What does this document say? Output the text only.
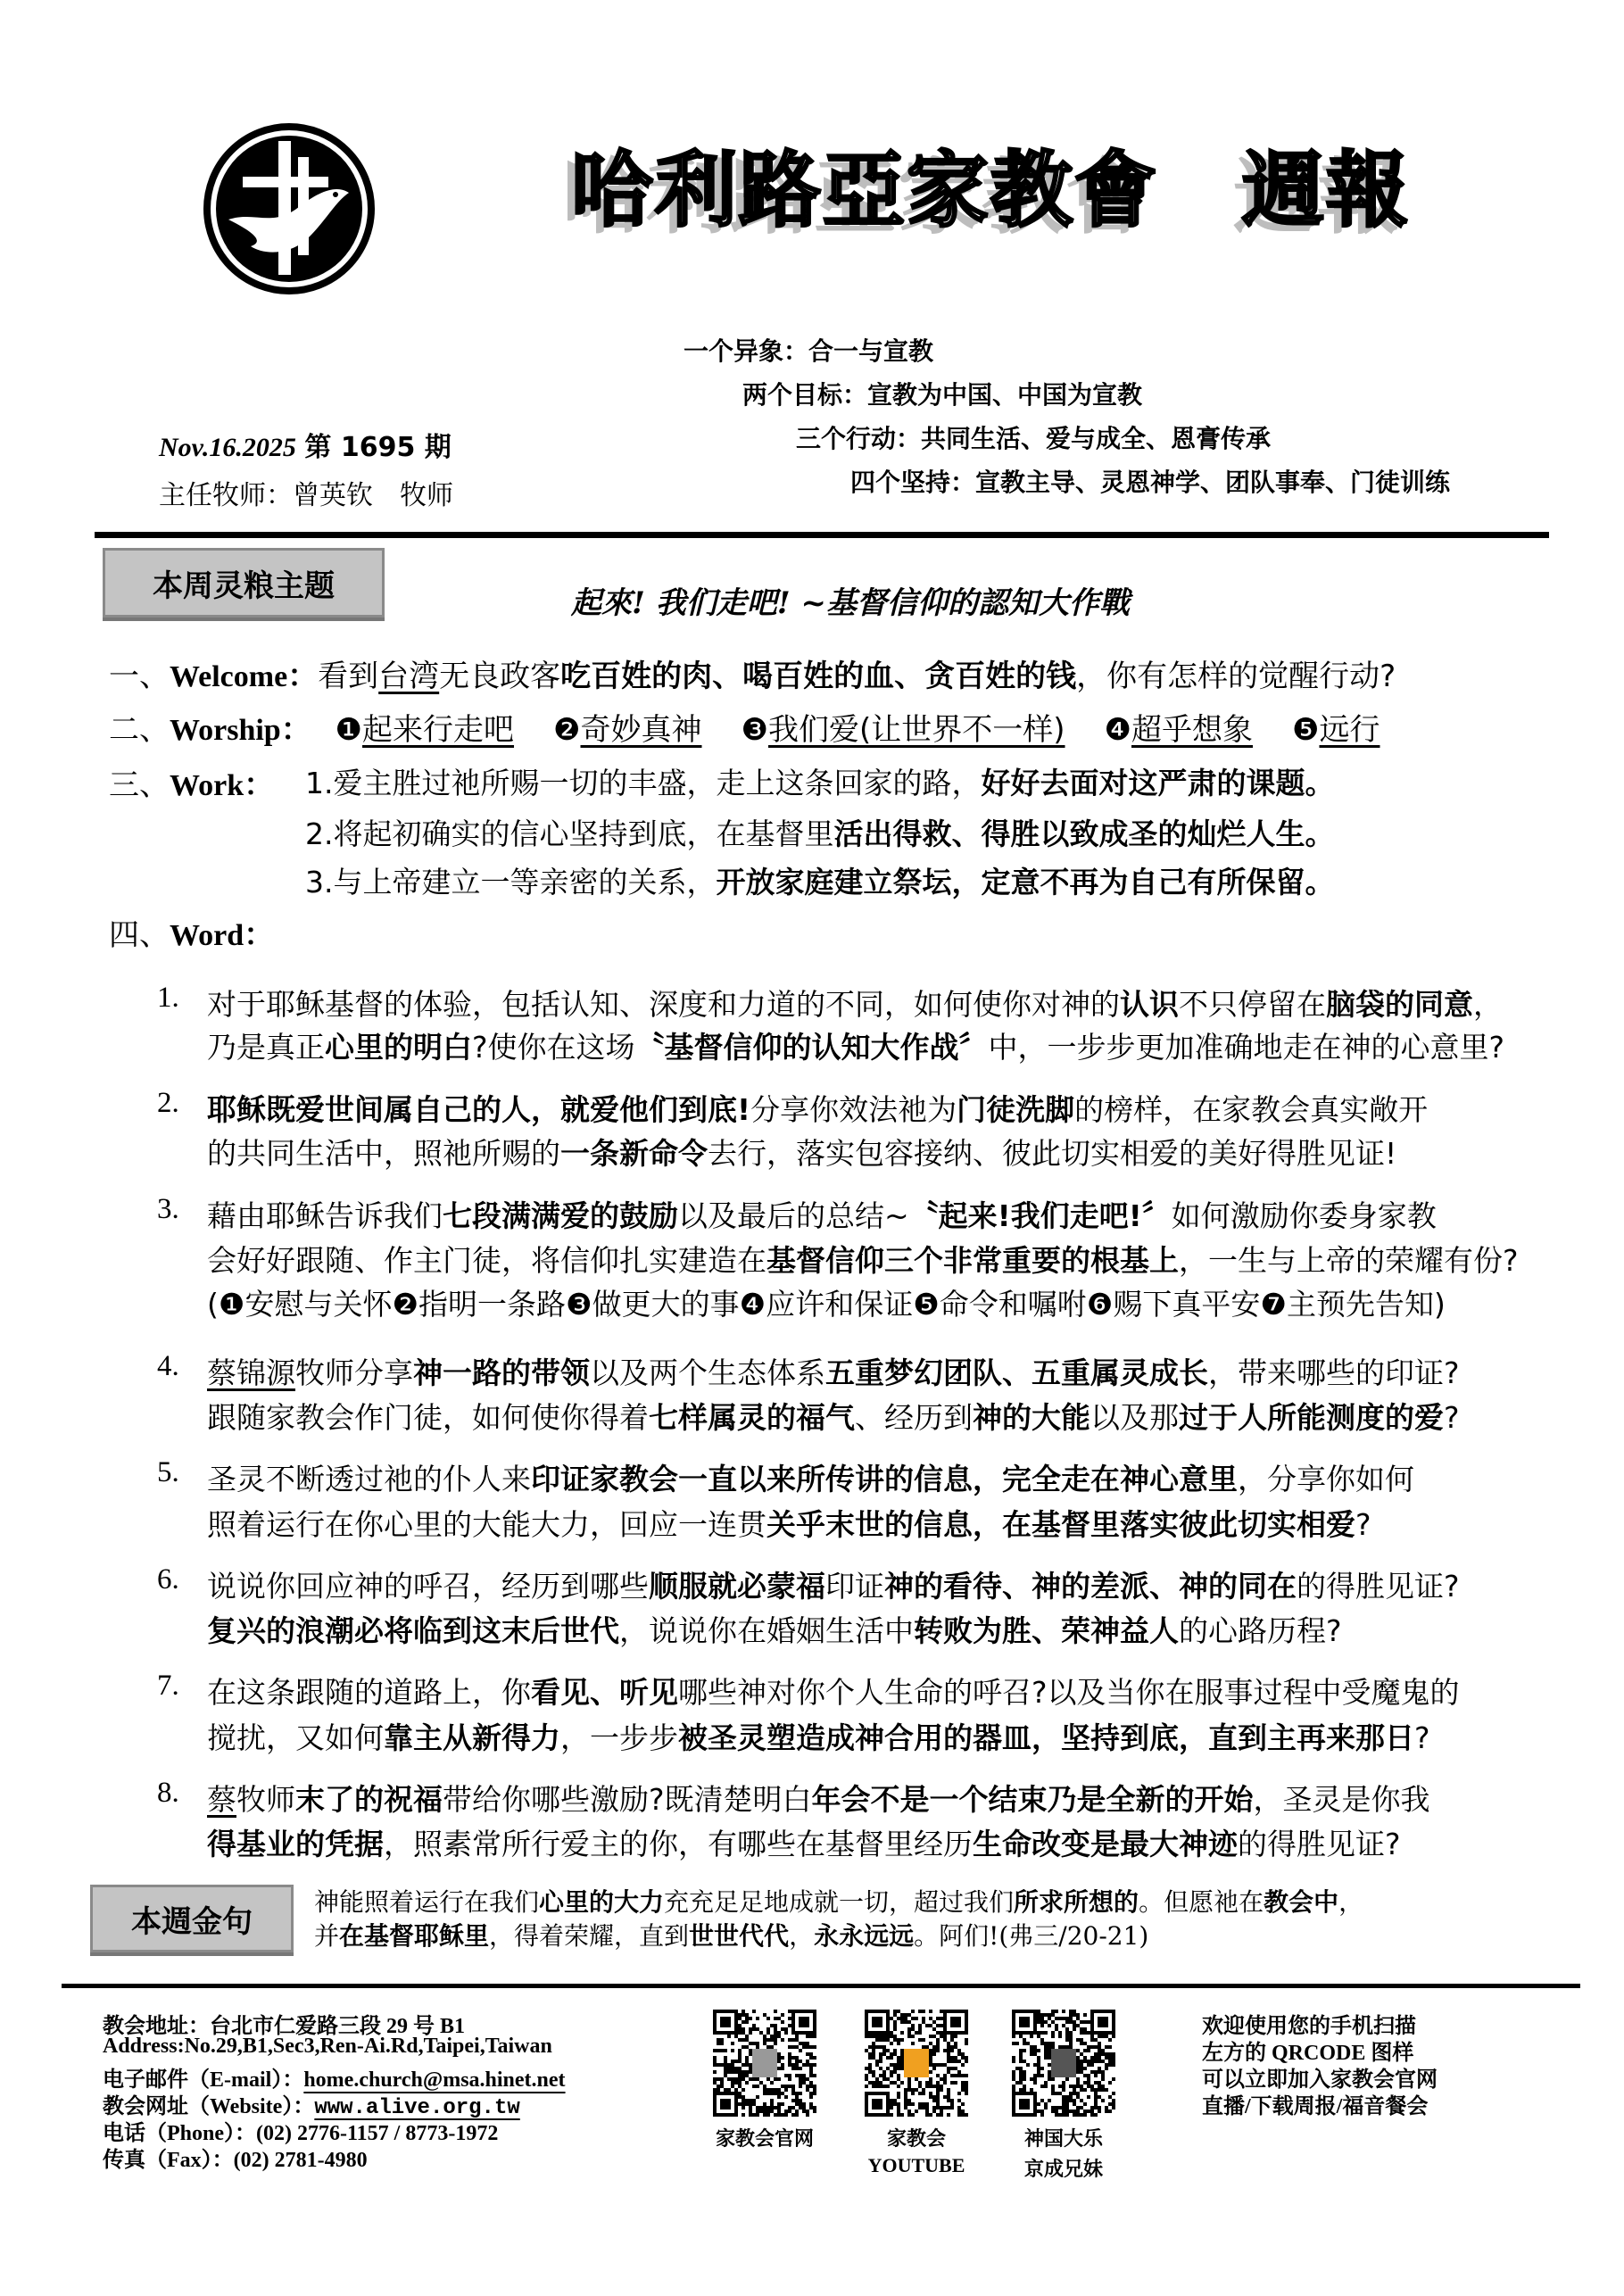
哈利路亞家教會　週報
一个异象：合一与宣教
两个目标：宣教为中国、中国为宣教
三个行动：共同生活、爱与成全、恩膏传承
四个坚持：宣教主导、灵恩神学、团队事奉、门徒训练
Nov.16.2025 第 1695 期
主任牧师：曾英钦　牧师
本周灵粮主题	起來! 我们走吧! ~基督信仰的認知大作戰
一、Welcome：看到台湾无良政客吃百姓的肉、喝百姓的血、贪百姓的钱，你有怎样的觉醒行动?
二、Worship： ❶起来行走吧 ❷奇妙真神 ❸我们爱(让世界不一样) ❹超乎想象 ❺远行
三、Work： 1.爱主胜过祂所赐一切的丰盛，走上这条回家的路，好好去面对这严肃的课题。
2.将起初确实的信心坚持到底，在基督里活出得救、得胜以致成圣的灿烂人生。
3.与上帝建立一等亲密的关系，开放家庭建立祭坛，定意不再为自己有所保留。
四、Word：
1. 对于耶稣基督的体验，包括认知、深度和力道的不同，如何使你对神的认识不只停留在脑袋的同意，
乃是真正心里的明白?使你在这场〝基督信仰的认知大作战〞中，一步步更加准确地走在神的心意里?
2. 耶稣既爱世间属自己的人，就爱他们到底!分享你效法祂为门徒洗脚的榜样，在家教会真实敞开
的共同生活中，照祂所赐的一条新命令去行，落实包容接纳、彼此切实相爱的美好得胜见证!
3. 藉由耶稣告诉我们七段满满爱的鼓励以及最后的总结~〝起来!我们走吧!〞如何激励你委身家教
会好好跟随、作主门徒，将信仰扎实建造在基督信仰三个非常重要的根基上，一生与上帝的荣耀有份?
(❶安慰与关怀❷指明一条路❸做更大的事❹应许和保证❺命令和嘱咐❻赐下真平安❼主预先告知)
4. 蔡锦源牧师分享神一路的带领以及两个生态体系五重梦幻团队、五重属灵成长，带来哪些的印证?
跟随家教会作门徒，如何使你得着七样属灵的福气、经历到神的大能以及那过于人所能测度的爱?
5. 圣灵不断透过祂的仆人来印证家教会一直以来所传讲的信息，完全走在神心意里，分享你如何
照着运行在你心里的大能大力，回应一连贯关乎末世的信息，在基督里落实彼此切实相爱?
6. 说说你回应神的呼召，经历到哪些顺服就必蒙福印证神的看待、神的差派、神的同在的得胜见证?
复兴的浪潮必将临到这末后世代，说说你在婚姻生活中转败为胜、荣神益人的心路历程?
7. 在这条跟随的道路上，你看见、听见哪些神对你个人生命的呼召?以及当你在服事过程中受魔鬼的
搅扰，又如何靠主从新得力，一步步被圣灵塑造成神合用的器皿，坚持到底，直到主再来那日?
8. 蔡牧师末了的祝福带给你哪些激励?既清楚明白年会不是一个结束乃是全新的开始，圣灵是你我
得基业的凭据，照素常所行爱主的你，有哪些在基督里经历生命改变是最大神迹的得胜见证?
本週金句
神能照着运行在我们心里的大力充充足足地成就一切，超过我们所求所想的。但愿祂在教会中，
并在基督耶稣里，得着荣耀，直到世世代代，永永远远。阿们!(弗三/20-21)
教会地址：台北市仁爱路三段 29 号 B1
Address:No.29,B1,Sec3,Ren-Ai.Rd,Taipei,Taiwan
电子邮件（E-mail）：home.church@msa.hinet.net
教会网址（Website）：www.alive.org.tw
电话（Phone）：(02) 2776-1157 / 8773-1972
传真（Fax）：(02) 2781-4980
家教会官网	家教会
YOUTUBE
神国大乐
京成兄妹
欢迎使用您的手机扫描
左方的 QRCODE 图样
可以立即加入家教会官网
直播/下载周报/福音餐会
